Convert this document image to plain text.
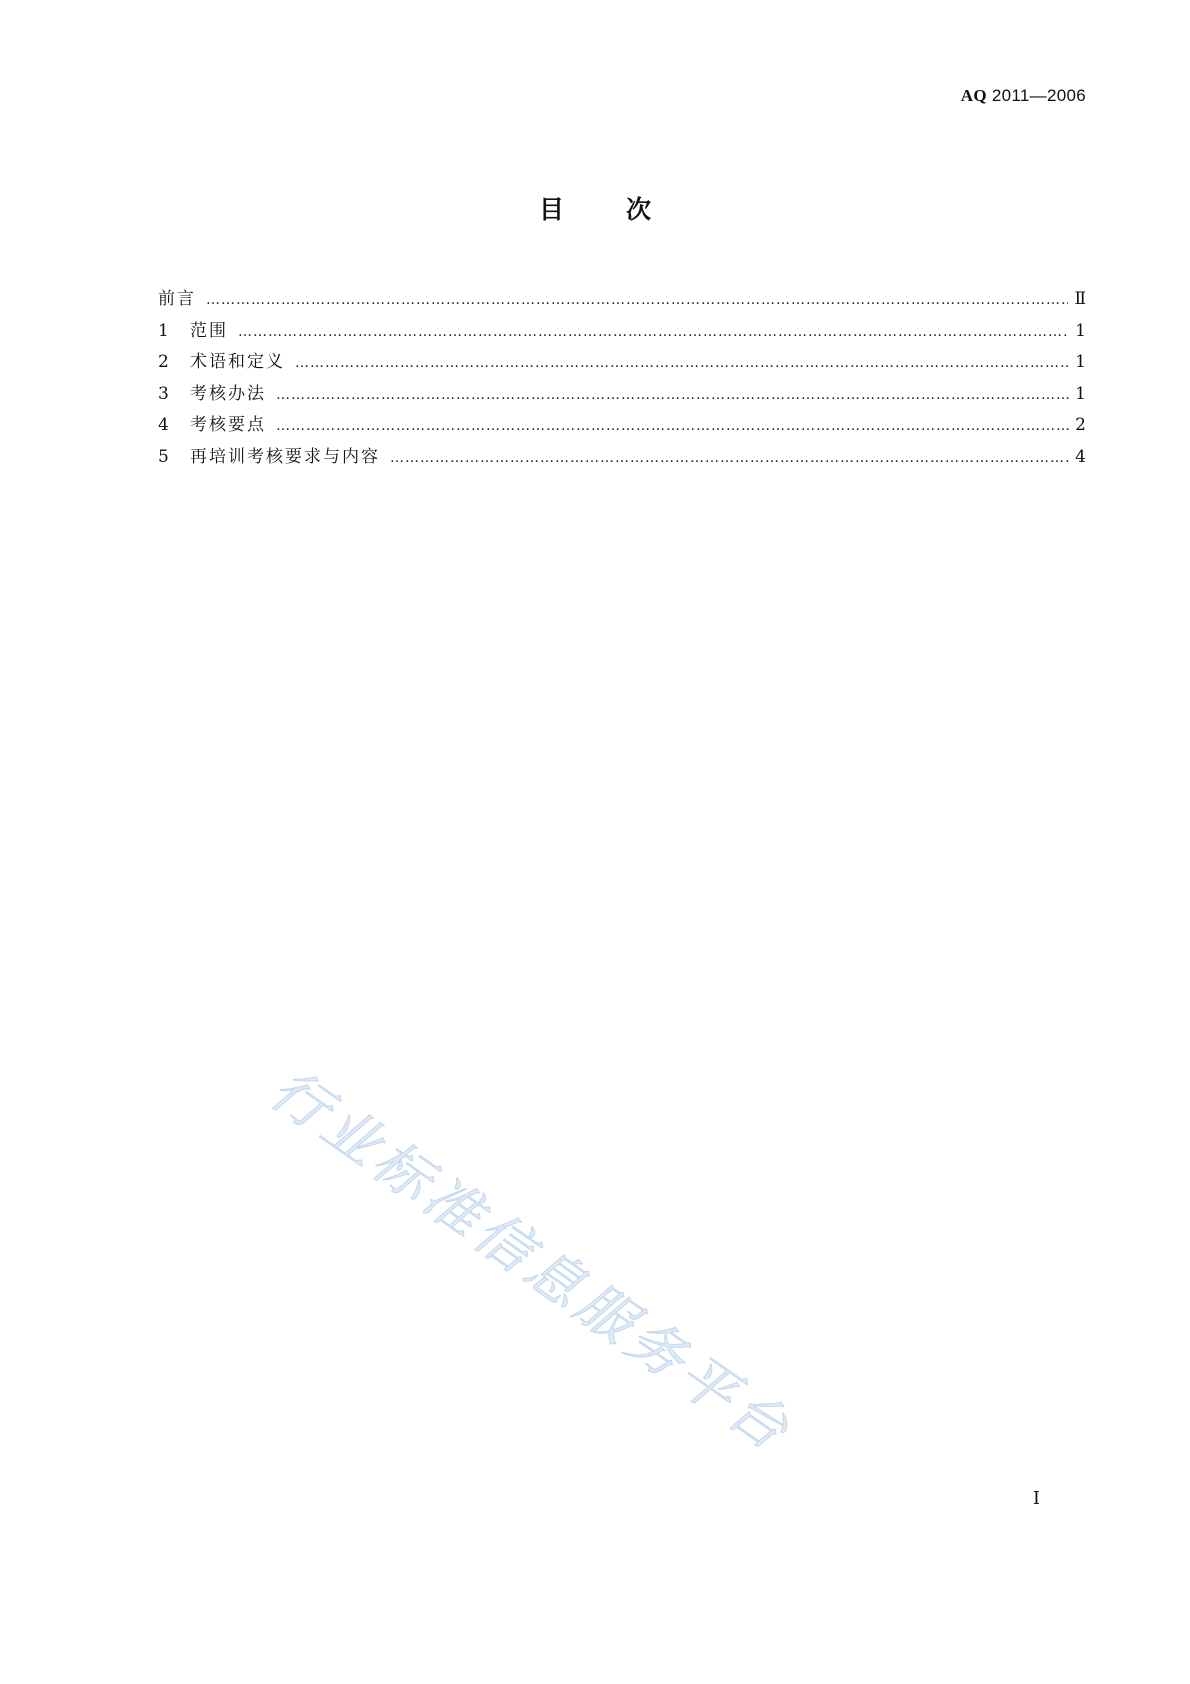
AQ 2011—2006
目 次
前言 ……………………………………………………………………………………………………………………………………………………………………………………………………………………………………	Ⅱ
1	范围 ……………………………………………………………………………………………………………………………………………………………………………………………………………………………………	1
2	术语和定义 ……………………………………………………………………………………………………………………………………………………………………………………………………………………………………	1
3	考核办法 ……………………………………………………………………………………………………………………………………………………………………………………………………………………………………	1
4	考核要点 ……………………………………………………………………………………………………………………………………………………………………………………………………………………………………	2
5	再培训考核要求与内容 ……………………………………………………………………………………………………………………………………………………………………………………………………………………………………	4
行业标准信息服务平台
Ⅰ
